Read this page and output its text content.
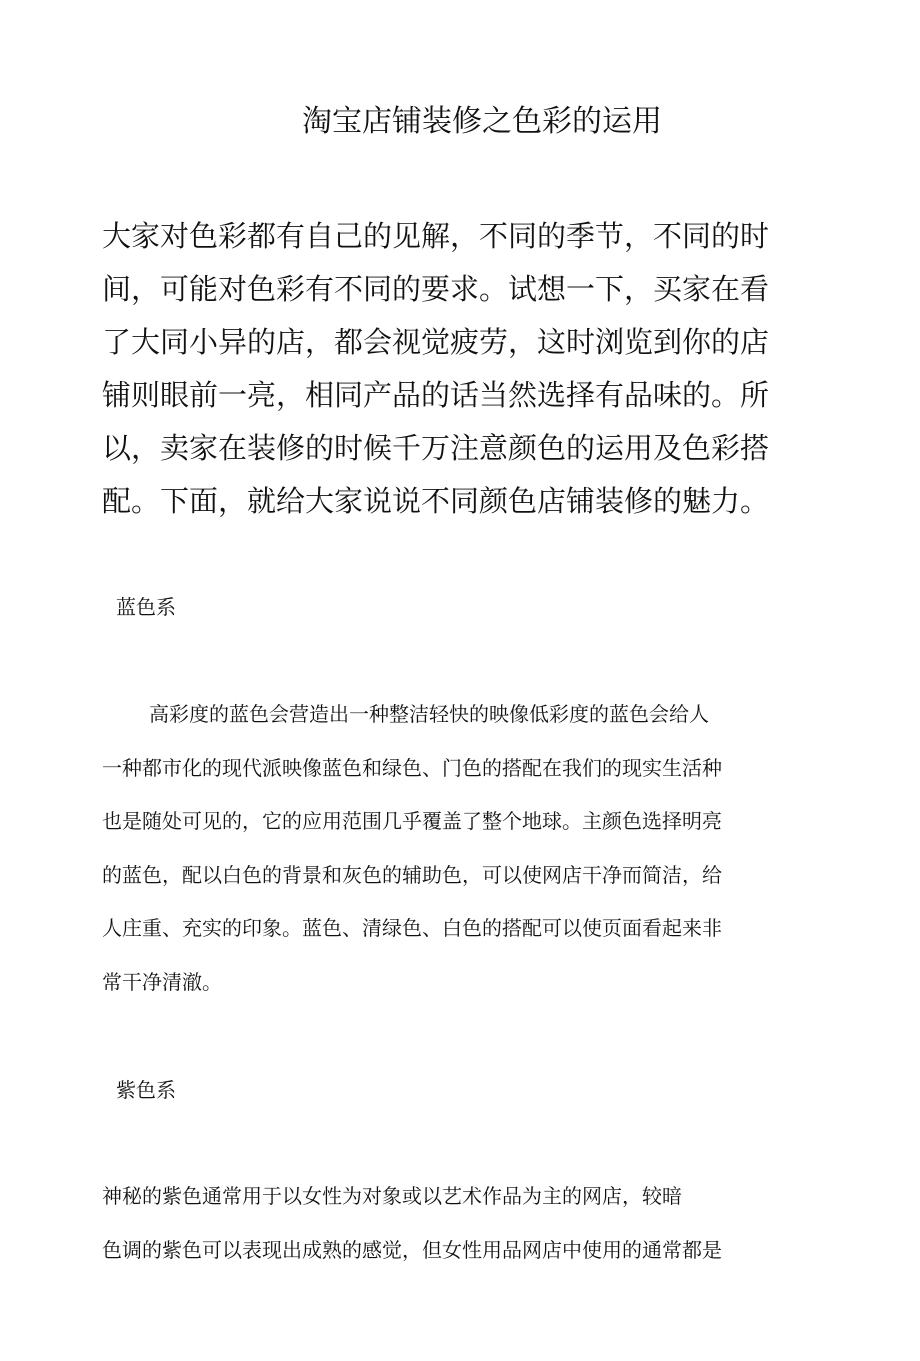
淘宝店铺装修之色彩的运用
大家对色彩都有自己的见解，不同的季节，不同的时
间，可能对色彩有不同的要求。试想一下，买家在看
了大同小异的店，都会视觉疲劳，这时浏览到你的店
铺则眼前一亮，相同产品的话当然选择有品味的。所
以，卖家在装修的时候千万注意颜色的运用及色彩搭
配。下面，就给大家说说不同颜色店铺装修的魅力。
蓝色系
高彩度的蓝色会营造出一种整洁轻快的映像低彩度的蓝色会给人
一种都市化的现代派映像蓝色和绿色、门色的搭配在我们的现实生活种
也是随处可见的，它的应用范围几乎覆盖了整个地球。主颜色选择明亮
的蓝色，配以白色的背景和灰色的辅助色，可以使网店干净而简洁，给
人庄重、充实的印象。蓝色、清绿色、白色的搭配可以使页面看起来非
常干净清澈。
紫色系
神秘的紫色通常用于以女性为对象或以艺术作品为主的网店，较暗
色调的紫色可以表现出成熟的感觉，但女性用品网店中使用的通常都是
